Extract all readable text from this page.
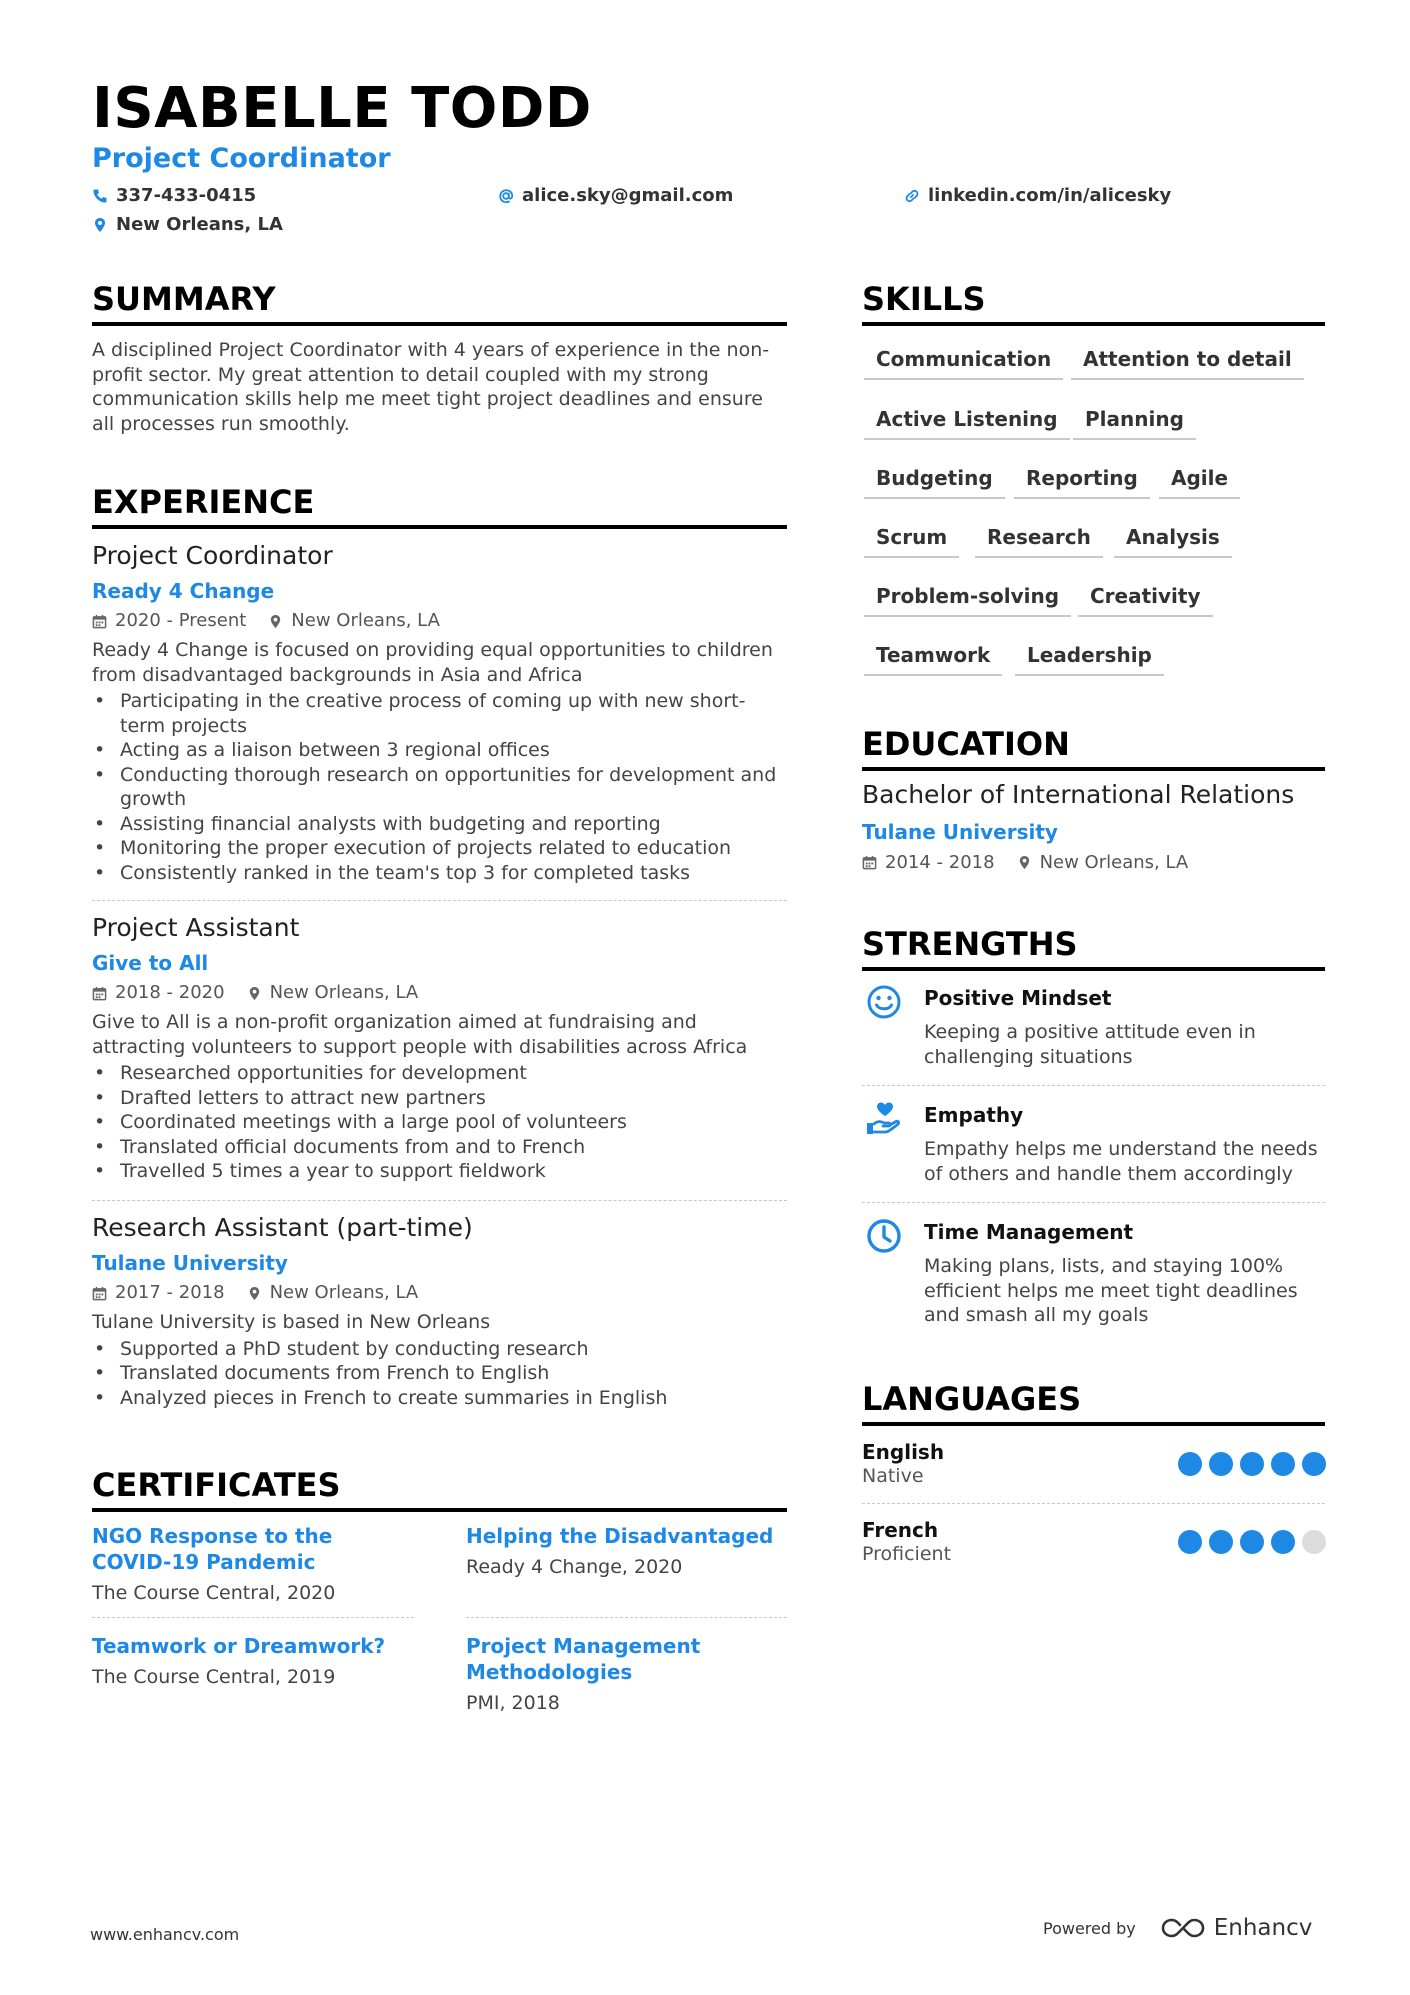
ISABELLE TODD
Project Coordinator
337-433-0415	alice.sky@gmail.com	linkedin.com/in/alicesky
New Orleans, LA
SUMMARY
A disciplined Project Coordinator with 4 years of experience in the non-profit sector. My great attention to detail coupled with my strong communication skills help me meet tight project deadlines and ensure all processes run smoothly.
EXPERIENCE
Project Coordinator
Ready 4 Change
2020 - Present	New Orleans, LA
Ready 4 Change is focused on providing equal opportunities to children from disadvantaged backgrounds in Asia and Africa
• Participating in the creative process of coming up with new short-term projects
• Acting as a liaison between 3 regional offices
• Conducting thorough research on opportunities for development and growth
• Assisting financial analysts with budgeting and reporting
• Monitoring the proper execution of projects related to education
• Consistently ranked in the team's top 3 for completed tasks
Project Assistant
Give to All
2018 - 2020	New Orleans, LA
Give to All is a non-profit organization aimed at fundraising and attracting volunteers to support people with disabilities across Africa
• Researched opportunities for development
• Drafted letters to attract new partners
• Coordinated meetings with a large pool of volunteers
• Translated official documents from and to French
• Travelled 5 times a year to support fieldwork
Research Assistant (part-time)
Tulane University
2017 - 2018	New Orleans, LA
Tulane University is based in New Orleans
• Supported a PhD student by conducting research
• Translated documents from French to English
• Analyzed pieces in French to create summaries in English
CERTIFICATES
NGO Response to the COVID-19 Pandemic
The Course Central, 2020
Helping the Disadvantaged
Ready 4 Change, 2020
Teamwork or Dreamwork?
The Course Central, 2019
Project Management Methodologies
PMI, 2018
SKILLS
Communication	Attention to detail
Active Listening	Planning
Budgeting	Reporting	Agile
Scrum	Research	Analysis
Problem-solving	Creativity
Teamwork	Leadership
EDUCATION
Bachelor of International Relations
Tulane University
2014 - 2018	New Orleans, LA
STRENGTHS
Positive Mindset
Keeping a positive attitude even in challenging situations
Empathy
Empathy helps me understand the needs of others and handle them accordingly
Time Management
Making plans, lists, and staying 100% efficient helps me meet tight deadlines and smash all my goals
LANGUAGES
English
Native
French
Proficient
www.enhancv.com	Powered by	Enhancv
